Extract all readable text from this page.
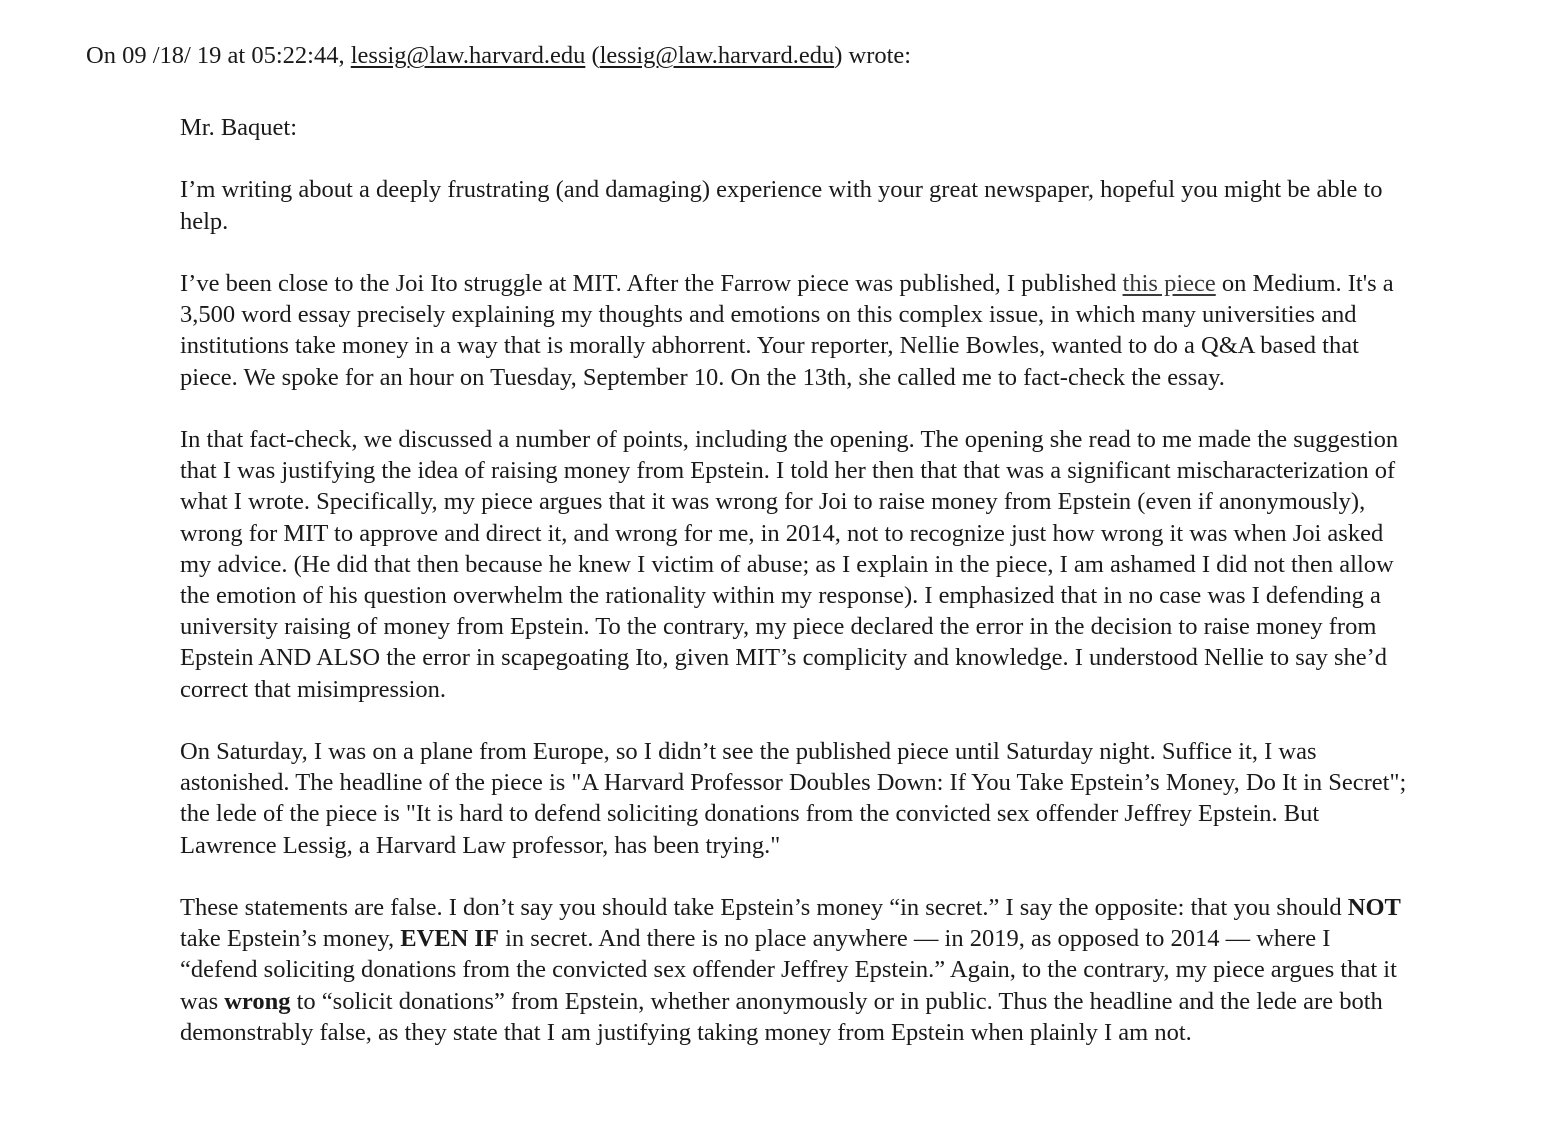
On 09 /18/ 19 at 05:22:44, lessig@law.harvard.edu (lessig@law.harvard.edu) wrote:

Mr. Baquet:

I’m writing about a deeply frustrating (and damaging) experience with your great newspaper, hopeful you might be able to help.

I’ve been close to the Joi Ito struggle at MIT. After the Farrow piece was published, I published this piece on Medium. It's a 3,500 word essay precisely explaining my thoughts and emotions on this complex issue, in which many universities and institutions take money in a way that is morally abhorrent. Your reporter, Nellie Bowles, wanted to do a Q&A based that piece. We spoke for an hour on Tuesday, September 10. On the 13th, she called me to fact-check the essay.

In that fact-check, we discussed a number of points, including the opening. The opening she read to me made the suggestion that I was justifying the idea of raising money from Epstein. I told her then that that was a significant mischaracterization of what I wrote. Specifically, my piece argues that it was wrong for Joi to raise money from Epstein (even if anonymously), wrong for MIT to approve and direct it, and wrong for me, in 2014, not to recognize just how wrong it was when Joi asked my advice. (He did that then because he knew I victim of abuse; as I explain in the piece, I am ashamed I did not then allow the emotion of his question overwhelm the rationality within my response). I emphasized that in no case was I defending a university raising of money from Epstein. To the contrary, my piece declared the error in the decision to raise money from Epstein AND ALSO the error in scapegoating Ito, given MIT’s complicity and knowledge. I understood Nellie to say she’d correct that misimpression.

On Saturday, I was on a plane from Europe, so I didn’t see the published piece until Saturday night. Suffice it, I was astonished. The headline of the piece is "A Harvard Professor Doubles Down: If You Take Epstein’s Money, Do It in Secret"; the lede of the piece is "It is hard to defend soliciting donations from the convicted sex offender Jeffrey Epstein. But Lawrence Lessig, a Harvard Law professor, has been trying."

These statements are false. I don’t say you should take Epstein’s money “in secret.” I say the opposite: that you should NOT take Epstein’s money, EVEN IF in secret. And there is no place anywhere — in 2019, as opposed to 2014 — where I “defend soliciting donations from the convicted sex offender Jeffrey Epstein.” Again, to the contrary, my piece argues that it was wrong to “solicit donations” from Epstein, whether anonymously or in public. Thus the headline and the lede are both demonstrably false, as they state that I am justifying taking money from Epstein when plainly I am not.
